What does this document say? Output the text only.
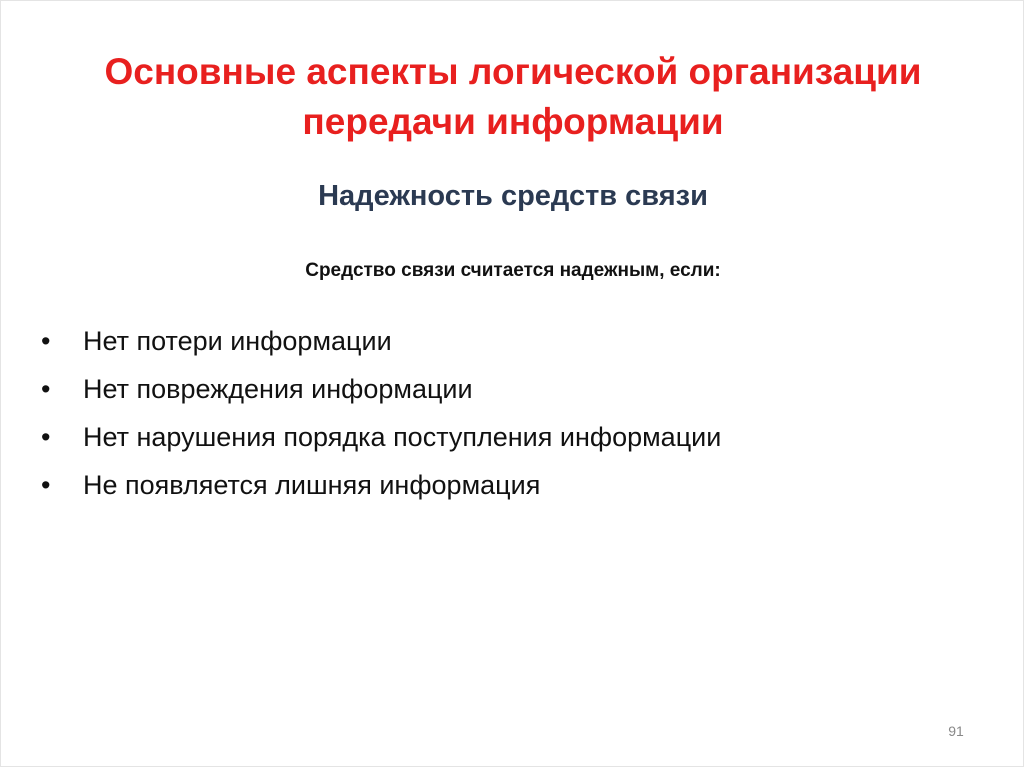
Основные аспекты логической организации
передачи информации
Надежность средств связи

Средство связи считается надежным, если:

•	Нет потери информации
•	Нет повреждения информации
•	Нет нарушения порядка поступления информации
•	Не появляется лишняя информация
91
